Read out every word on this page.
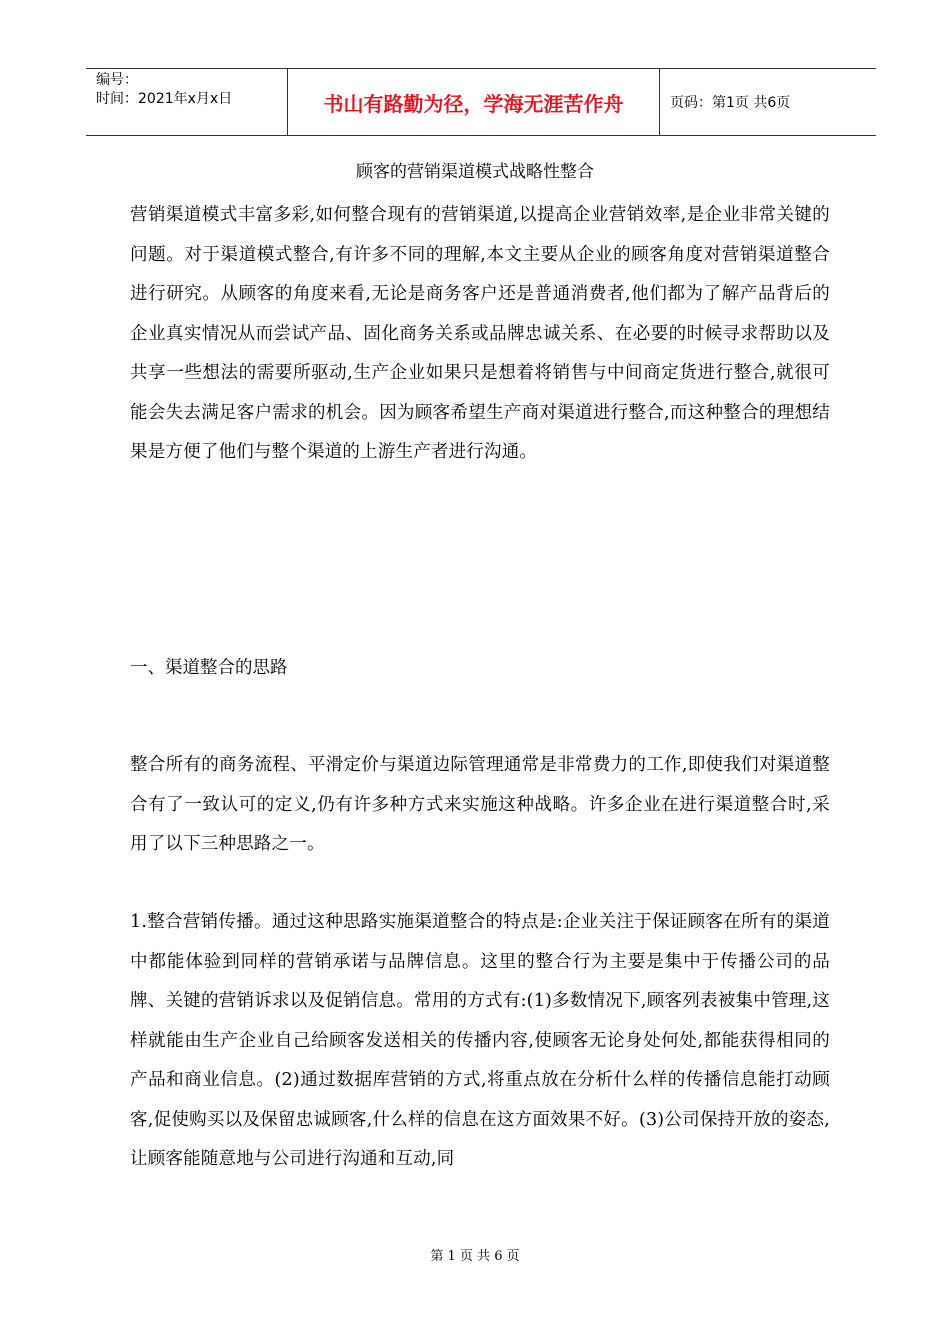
编号：
时间：2021年x月x日	书山有路勤为径，学海无涯苦作舟	页码：第1页 共6页
顾客的营销渠道模式战略性整合
营销渠道模式丰富多彩,如何整合现有的营销渠道,以提高企业营销效率,是企业非常关键的问题。对于渠道模式整合,有许多不同的理解,本文主要从企业的顾客角度对营销渠道整合进行研究。从顾客的角度来看,无论是商务客户还是普通消费者,他们都为了解产品背后的企业真实情况从而尝试产品、固化商务关系或品牌忠诚关系、在必要的时候寻求帮助以及共享一些想法的需要所驱动,生产企业如果只是想着将销售与中间商定货进行整合,就很可能会失去满足客户需求的机会。因为顾客希望生产商对渠道进行整合,而这种整合的理想结果是方便了他们与整个渠道的上游生产者进行沟通。
一、渠道整合的思路
整合所有的商务流程、平滑定价与渠道边际管理通常是非常费力的工作,即使我们对渠道整合有了一致认可的定义,仍有许多种方式来实施这种战略。许多企业在进行渠道整合时,采用了以下三种思路之一。
1.整合营销传播。通过这种思路实施渠道整合的特点是:企业关注于保证顾客在所有的渠道中都能体验到同样的营销承诺与品牌信息。这里的整合行为主要是集中于传播公司的品牌、关键的营销诉求以及促销信息。常用的方式有:(1)多数情况下,顾客列表被集中管理,这样就能由生产企业自己给顾客发送相关的传播内容,使顾客无论身处何处,都能获得相同的产品和商业信息。(2)通过数据库营销的方式,将重点放在分析什么样的传播信息能打动顾客,促使购买以及保留忠诚顾客,什么样的信息在这方面效果不好。(3)公司保持开放的姿态,让顾客能随意地与公司进行沟通和互动,同
第 1 页 共 6 页
